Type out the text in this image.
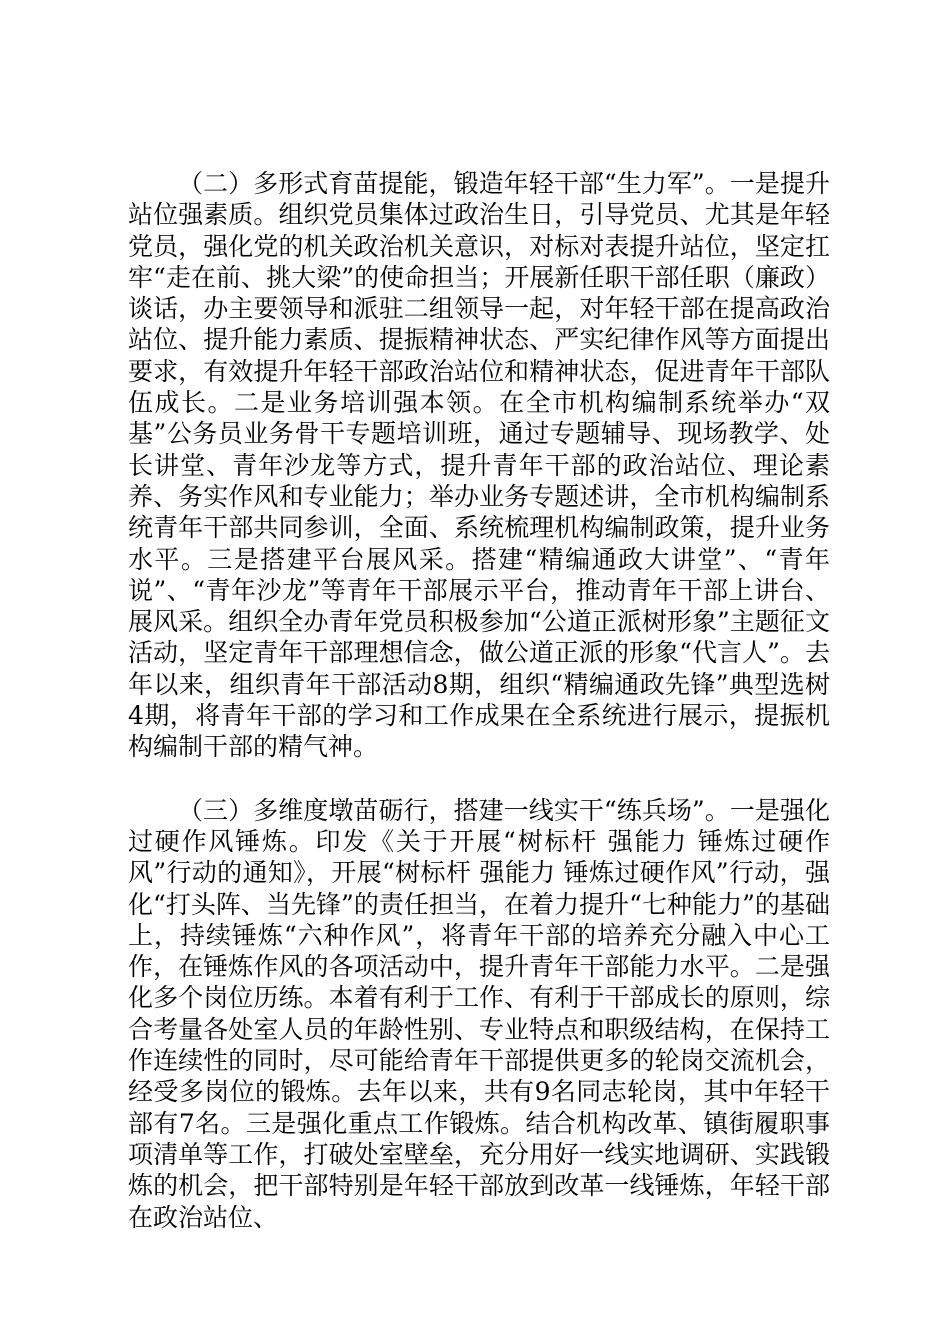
（二）多形式育苗提能，锻造年轻干部“生力军”。一是提升站位强素质。组织党员集体过政治生日，引导党员、尤其是年轻党员，强化党的机关政治机关意识，对标对表提升站位，坚定扛牢“走在前、挑大梁”的使命担当；开展新任职干部任职（廉政）谈话，办主要领导和派驻二组领导一起，对年轻干部在提高政治站位、提升能力素质、提振精神状态、严实纪律作风等方面提出要求，有效提升年轻干部政治站位和精神状态，促进青年干部队伍成长。二是业务培训强本领。在全市机构编制系统举办“双基”公务员业务骨干专题培训班，通过专题辅导、现场教学、处长讲堂、青年沙龙等方式，提升青年干部的政治站位、理论素养、务实作风和专业能力；举办业务专题述讲，全市机构编制系统青年干部共同参训，全面、系统梳理机构编制政策，提升业务水平。三是搭建平台展风采。搭建“精编通政大讲堂”、“青年说”、“青年沙龙”等青年干部展示平台，推动青年干部上讲台、展风采。组织全办青年党员积极参加“公道正派树形象”主题征文活动，坚定青年干部理想信念，做公道正派的形象“代言人”。去年以来，组织青年干部活动8期，组织“精编通政先锋”典型选树4期，将青年干部的学习和工作成果在全系统进行展示，提振机构编制干部的精气神。

（三）多维度墩苗砺行，搭建一线实干“练兵场”。一是强化过硬作风锤炼。印发《关于开展“树标杆 强能力 锤炼过硬作风”行动的通知》，开展“树标杆 强能力 锤炼过硬作风”行动，强化“打头阵、当先锋”的责任担当，在着力提升“七种能力”的基础上，持续锤炼“六种作风”，将青年干部的培养充分融入中心工作，在锤炼作风的各项活动中，提升青年干部能力水平。二是强化多个岗位历练。本着有利于工作、有利于干部成长的原则，综合考量各处室人员的年龄性别、专业特点和职级结构，在保持工作连续性的同时，尽可能给青年干部提供更多的轮岗交流机会，经受多岗位的锻炼。去年以来，共有9名同志轮岗，其中年轻干部有7名。三是强化重点工作锻炼。结合机构改革、镇街履职事项清单等工作，打破处室壁垒，充分用好一线实地调研、实践锻炼的机会，把干部特别是年轻干部放到改革一线锤炼，年轻干部在政治站位、
